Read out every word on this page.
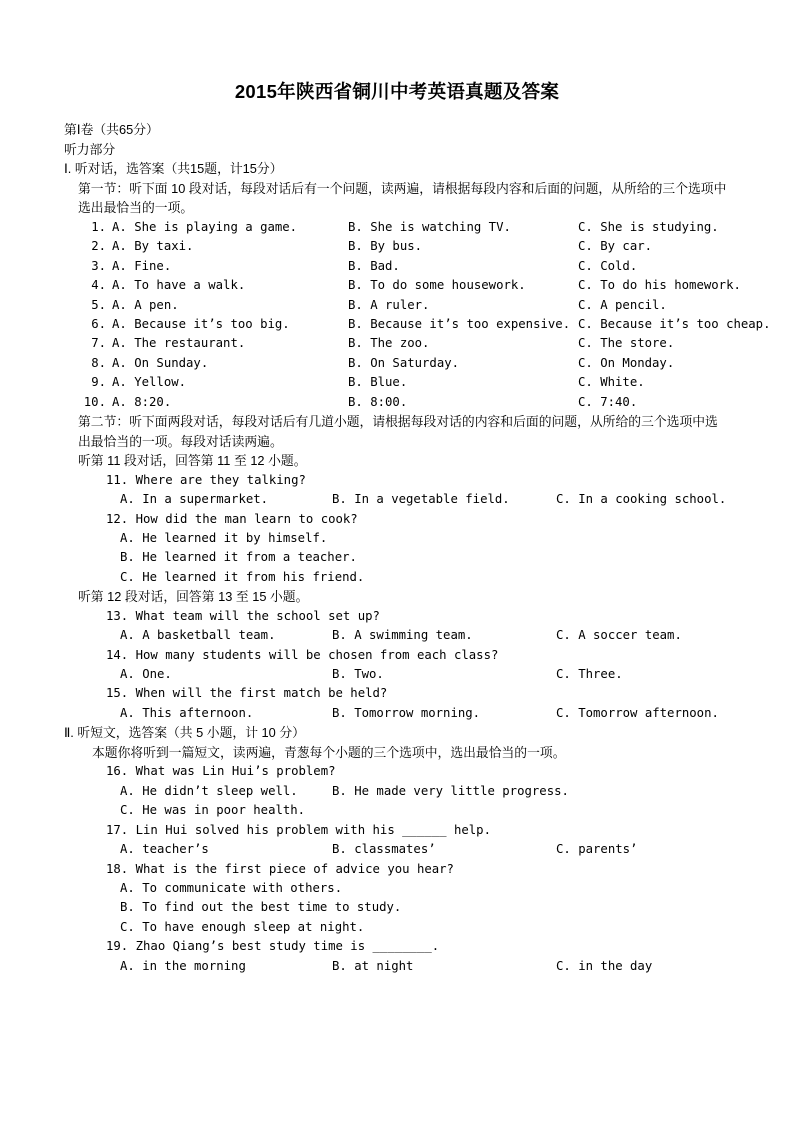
2015年陕西省铜川中考英语真题及答案
第Ⅰ卷（共65分）
听力部分
Ⅰ. 听对话，选答案（共15题，计15分）
第一节：听下面 10 段对话，每段对话后有一个问题，读两遍，请根据每段内容和后面的问题，从所给的三个选项中选出最恰当的一项。
1. A. She is playing a game.	B. She is watching TV.	C. She is studying.
2. A. By taxi.	B. By bus.	C. By car.
3. A. Fine.	B. Bad.	C. Cold.
4. A. To have a walk.	B. To do some housework.	C. To do his homework.
5. A. A pen.	B. A ruler.	C. A pencil.
6. A. Because it’s too big.	B. Because it’s too expensive. C. Because it’s too cheap.
7. A. The restaurant.	B. The zoo.	C. The store.
8. A. On Sunday.	B. On Saturday.	C. On Monday.
9. A. Yellow.	B. Blue.	C. White.
10. A. 8:20.	B. 8:00.	C. 7:40.
第二节：听下面两段对话，每段对话后有几道小题，请根据每段对话的内容和后面的问题，从所给的三个选项中选出最恰当的一项。每段对话读两遍。
听第 11 段对话，回答第 11 至 12 小题。
11. Where are they talking?
A. In a supermarket.	B. In a vegetable field.	C. In a cooking school.
12. How did the man learn to cook?
A. He learned it by himself.
B. He learned it from a teacher.
C. He learned it from his friend.
听第 12 段对话，回答第 13 至 15 小题。
13. What team will the school set up?
A. A basketball team.	B. A swimming team.	C. A soccer team.
14. How many students will be chosen from each class?
A. One.	B. Two.	C. Three.
15. When will the first match be held?
A. This afternoon.	B. Tomorrow morning.	C. Tomorrow afternoon.
Ⅱ. 听短文，选答案（共 5 小题，计 10 分）
本题你将听到一篇短文，读两遍，青葱每个小题的三个选项中，选出最恰当的一项。
16. What was Lin Hui’s problem?
A. He didn’t sleep well.	B. He made very little progress.
C. He was in poor health.
17. Lin Hui solved his problem with his ______ help.
A. teacher’s	B. classmates’	C. parents’
18. What is the first piece of advice you hear?
A. To communicate with others.
B. To find out the best time to study.
C. To have enough sleep at night.
19. Zhao Qiang’s best study time is ________.
A. in the morning	B. at night	C. in the day
